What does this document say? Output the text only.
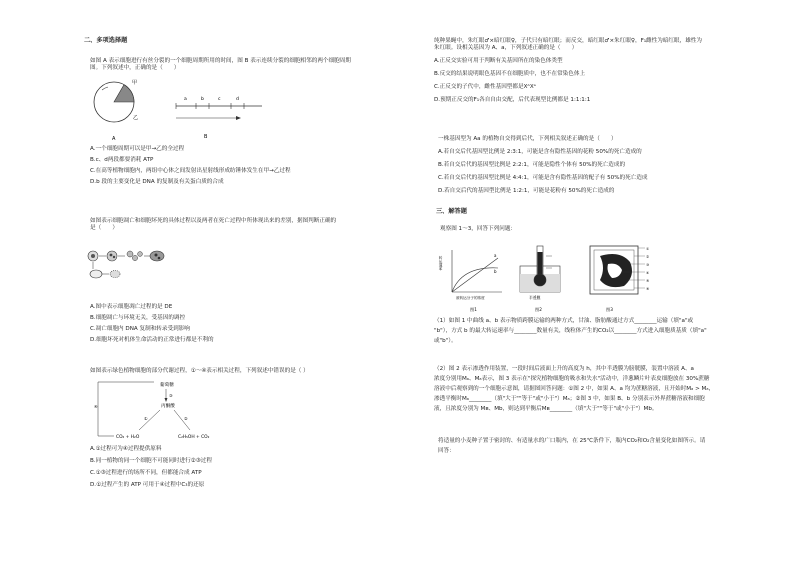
二、多项选择题
如图 A 表示细胞进行有丝分裂的一个细胞周期所用的时间，图 B 表示连续分裂的细胞相邻的两个细胞周期
图。下列叙述中，正确的是（　　）
甲
乙
A
a	b	c	d
B
A.一个细胞周期可以是甲→乙的全过程
B.c、d两段都要消耗 ATP
C.在高等植物细胞内，两组中心体之间发射出星射线形成纺锤体发生在甲→乙过程
D.b 段的主要变化是 DNA 的复制及有关蛋白质的合成
如图表示细胞凋亡和细胞坏死的具体过程以及两者在死亡过程中所体现出来的差别，据图判断正确的
是（　　）
A.图中表示细胞凋亡过程的是 DE
B.细胞凋亡与环境无关，受基因的调控
C.凋亡细胞内 DNA 复制和转录受到影响
D.细胞坏死对机体生命活动的正常进行都是不利的
如图表示绿色植物细胞的部分代谢过程，①～④表示相关过程，下列叙述中错误的是（ ）
葡萄糖
③
丙酮酸
①	②
CO₂ + H₂O	C₂H₅OH + CO₂
④
A.①过程可为④过程提供原料
B.同一植物的同一个细胞不可能同时进行②③过程
C.①③过程进行的场所不同，但都能合成 ATP
D.①过程产生的 ATP 可用于④过程中C₃的还原
纯种果蝇中，朱红眼♂×暗红眼♀，子代只有暗红眼；而反交，暗红眼♂×朱红眼♀，F₁雌性为暗红眼，雄性为
朱红眼。设相关基因为 A、a，下列叙述正确的是（　　）
A.正反交实验可用于判断有关基因所在的染色体类型
B.反交的结果说明眼色基因不在细胞质中，也不在常染色体上
C.正反交的子代中，雌性基因型都是XᴬXᵃ
D.预期正反交的F₁各自自由交配，后代表现型比例都是 1:1:1:1
一株基因型为 Aa 的植物自交得到后代，下列相关叙述正确的是（　　）
A.若自交后代基因型比例是 2:3:1，可能是含有隐性基因的花粉 50%的死亡造成的
B.若自交后代的基因型比例是 2:2:1，可能是隐性个体有 50%的死亡造成的
C.若自交后代的基因型比例是 4:4:1，可能是含有隐性基因的配子有 50%的死亡造成
D.若自交后代的基因型比例是 1:2:1，可能是花粉有 50%的死亡造成的
三、解答题
观察图 1～3，回答下列问题：
a
b
转运速率
被转运分子的浓度
图1
半透膜
图2
①
②
③
④
⑤
⑥
图3
（1）如图 1 中曲线 a、b 表示物质跨膜运输的两种方式，甘油、脂肪酸通过方式________运输（填"a"或
"b"），方式 b 的最大转运速率与________数量有关，线粒体产生的CO₂以________方式进入细胞质基质（填"a"
或"b"）。
（2）图 2 表示渗透作用装置，一段时间后液面上升的高度为 h，其中半透膜为膀胱膜，装置中溶液 A、a
浓度分别用Mₐ、Mₐ表示，图 3 表示在"探究植物细胞的吸水和失水"活动中，洋葱鳞片叶表皮细胞放在 30%蔗糖
溶液中后观察到的一个细胞示意图，请据图回答问题：①图 2 中，如果 A、a 均为蔗糖溶液，且开始时Mₐ > Mₐ，
渗透平衡时Mₐ________（填"大于""等于"或"小于"）Mₐ；②图 3 中，如果 B、b 分别表示外界蔗糖溶液和细胞
液，且浓度分别为 Mʙ、Mb，则达到平衡后Mʙ________（填"大于""等于"或"小于"）Mb。
将适量的小麦种子置于密封的、有适量水的广口瓶内，在 25℃条件下，瓶内CO₂和O₂含量变化如图所示。请
回答：
